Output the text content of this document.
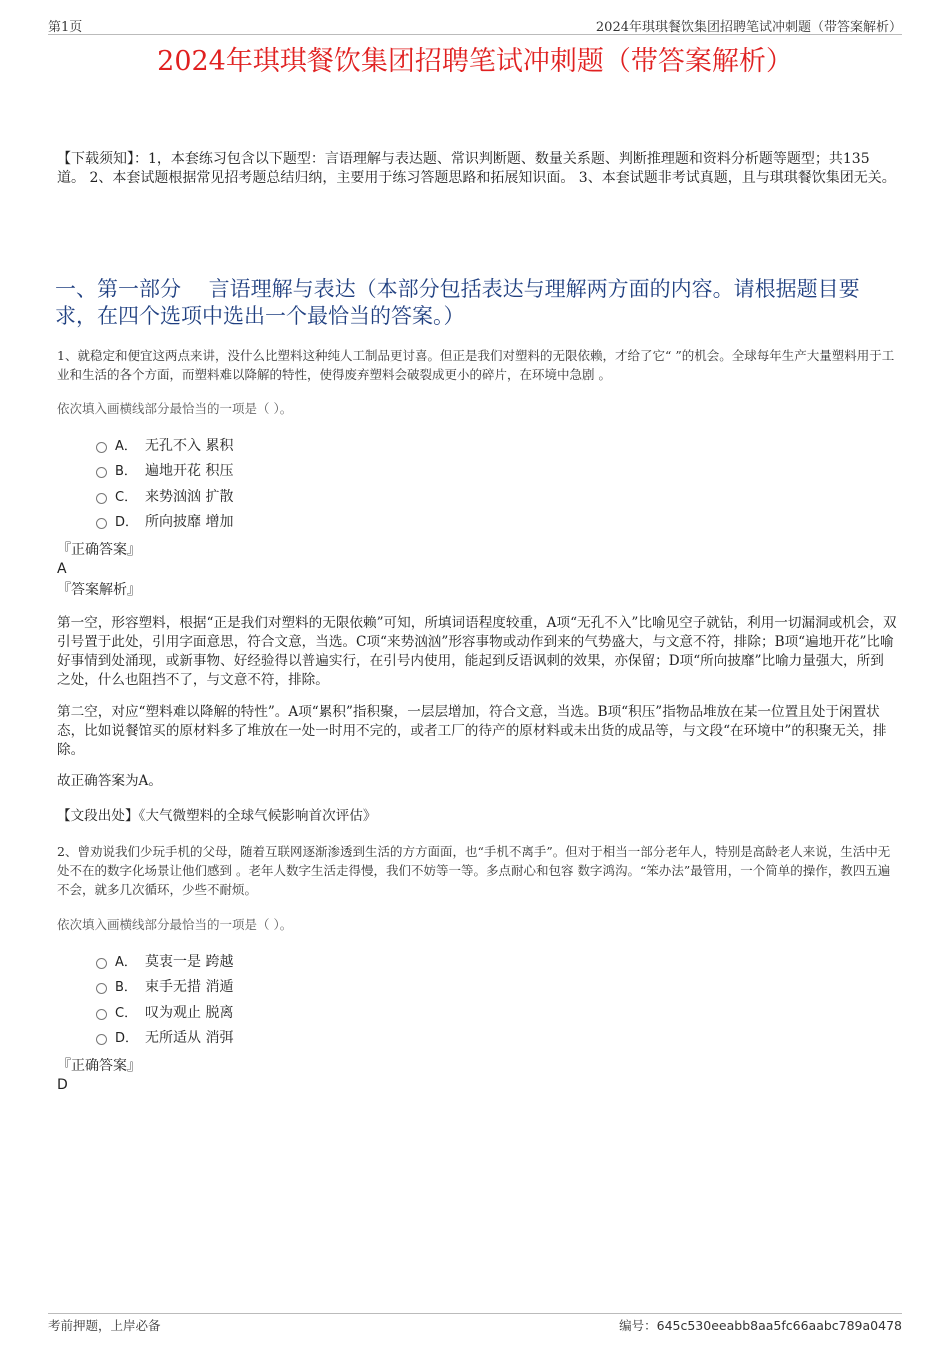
第1页	2024年琪琪餐饮集团招聘笔试冲刺题（带答案解析）
2024年琪琪餐饮集团招聘笔试冲刺题（带答案解析）
【下载须知】：1，本套练习包含以下题型：言语理解与表达题、常识判断题、数量关系题、判断推理题和资料分析题等题型；共135道。 2、本套试题根据常见招考题总结归纳，主要用于练习答题思路和拓展知识面。 3、本套试题非考试真题，且与琪琪餐饮集团无关。
一、第一部分　 言语理解与表达（本部分包括表达与理解两方面的内容。请根据题目要求，在四个选项中选出一个最恰当的答案。）
1、就稳定和便宜这两点来讲，没什么比塑料这种纯人工制品更讨喜。但正是我们对塑料的无限依赖，才给了它“ ”的机会。全球每年生产大量塑料用于工业和生活的各个方面，而塑料难以降解的特性，使得废弃塑料会破裂成更小的碎片，在环境中急剧 。
依次填入画横线部分最恰当的一项是（ ）。
A． 无孔不入 累积
B． 遍地开花 积压
C． 来势汹汹 扩散
D． 所向披靡 增加
『正确答案』
A
『答案解析』
第一空，形容塑料，根据“正是我们对塑料的无限依赖”可知，所填词语程度较重，A项“无孔不入”比喻见空子就钻，利用一切漏洞或机会，双引号置于此处，引用字面意思，符合文意，当选。C项“来势汹汹”形容事物或动作到来的气势盛大，与文意不符，排除；B项“遍地开花”比喻好事情到处涌现，或新事物、好经验得以普遍实行，在引号内使用，能起到反语讽刺的效果，亦保留；D项“所向披靡”比喻力量强大，所到之处，什么也阻挡不了，与文意不符，排除。
第二空，对应“塑料难以降解的特性”。A项“累积”指积聚，一层层增加，符合文意，当选。B项“积压”指物品堆放在某一位置且处于闲置状态，比如说餐馆买的原材料多了堆放在一处一时用不完的，或者工厂的待产的原材料或未出货的成品等，与文段“在环境中”的积聚无关，排除。
故正确答案为A。
【文段出处】《大气微塑料的全球气候影响首次评估》
2、曾劝说我们少玩手机的父母，随着互联网逐渐渗透到生活的方方面面，也“手机不离手”。但对于相当一部分老年人，特别是高龄老人来说，生活中无处不在的数字化场景让他们感到 。老年人数字生活走得慢，我们不妨等一等。多点耐心和包容 数字鸿沟。“笨办法”最管用，一个简单的操作，教四五遍不会，就多几次循环，少些不耐烦。
依次填入画横线部分最恰当的一项是（ ）。
A． 莫衷一是 跨越
B． 束手无措 消遁
C． 叹为观止 脱离
D． 无所适从 消弭
『正确答案』
D
考前押题，上岸必备	编号：645c530eeabb8aa5fc66aabc789a0478
